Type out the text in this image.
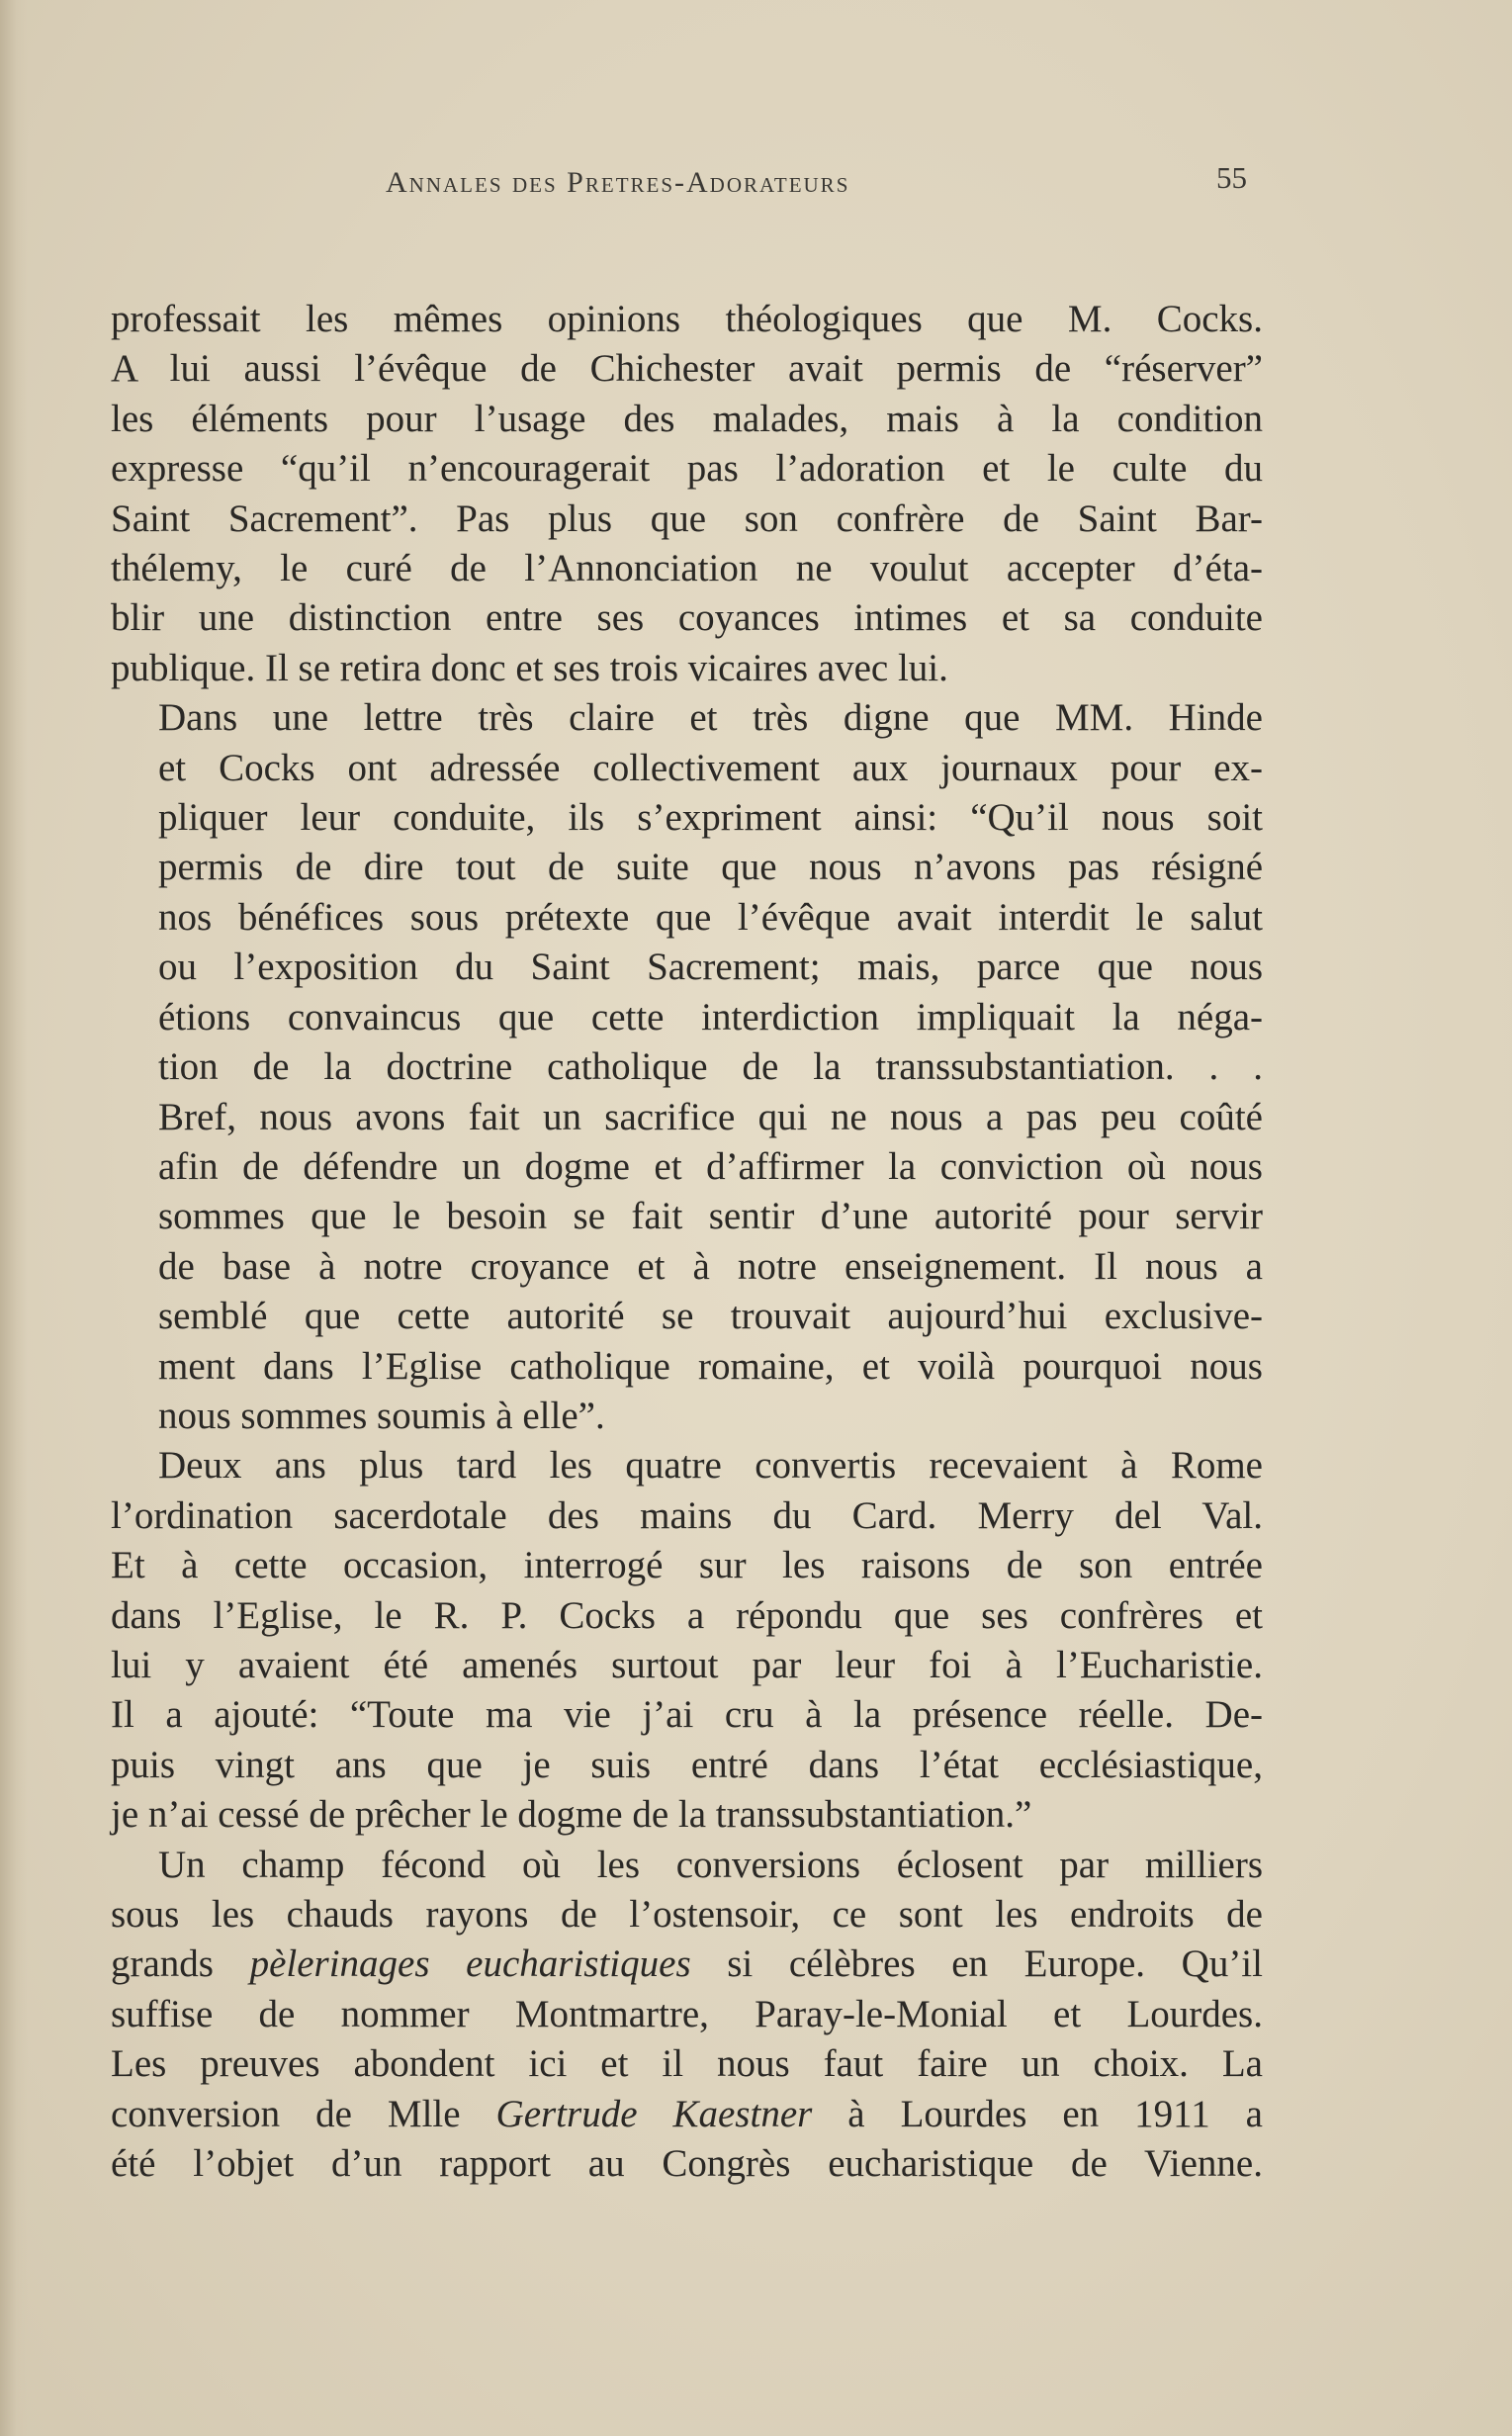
Annales des Pretres-Adorateurs	55

professait les mêmes opinions théologiques que M. Cocks.
A lui aussi l’évêque de Chichester avait permis de “réserver”
les éléments pour l’usage des malades, mais à la condition
expresse “qu’il n’encouragerait pas l’adoration et le culte du
Saint Sacrement”. Pas plus que son confrère de Saint Bar-
thélemy, le curé de l’Annonciation ne voulut accepter d’éta-
blir une distinction entre ses coyances intimes et sa conduite
publique. Il se retira donc et ses trois vicaires avec lui.

Dans une lettre très claire et très digne que MM. Hinde
et Cocks ont adressée collectivement aux journaux pour ex-
pliquer leur conduite, ils s’expriment ainsi: “Qu’il nous soit
permis de dire tout de suite que nous n’avons pas résigné
nos bénéfices sous prétexte que l’évêque avait interdit le salut
ou l’exposition du Saint Sacrement; mais, parce que nous
étions convaincus que cette interdiction impliquait la néga-
tion de la doctrine catholique de la transsubstantiation. . .
Bref, nous avons fait un sacrifice qui ne nous a pas peu coûté
afin de défendre un dogme et d’affirmer la conviction où nous
sommes que le besoin se fait sentir d’une autorité pour servir
de base à notre croyance et à notre enseignement. Il nous a
semblé que cette autorité se trouvait aujourd’hui exclusive-
ment dans l’Eglise catholique romaine, et voilà pourquoi nous
nous sommes soumis à elle”.

Deux ans plus tard les quatre convertis recevaient à Rome
l’ordination sacerdotale des mains du Card. Merry del Val.
Et à cette occasion, interrogé sur les raisons de son entrée
dans l’Eglise, le R. P. Cocks a répondu que ses confrères et
lui y avaient été amenés surtout par leur foi à l’Eucharistie.
Il a ajouté: “Toute ma vie j’ai cru à la présence réelle. De-
puis vingt ans que je suis entré dans l’état ecclésiastique,
je n’ai cessé de prêcher le dogme de la transsubstantiation.”

Un champ fécond où les conversions éclosent par milliers
sous les chauds rayons de l’ostensoir, ce sont les endroits de
grands pèlerinages eucharistiques si célèbres en Europe. Qu’il
suffise de nommer Montmartre, Paray-le-Monial et Lourdes.
Les preuves abondent ici et il nous faut faire un choix. La
conversion de Mlle Gertrude Kaestner à Lourdes en 1911 a
été l’objet d’un rapport au Congrès eucharistique de Vienne.
